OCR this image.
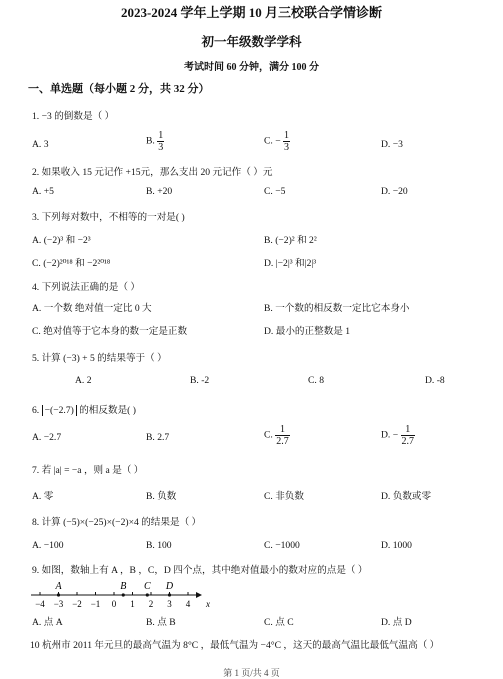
2023-2024 学年上学期 10 月三校联合学情诊断
初一年级数学学科
考试时间 60 分钟，满分 100 分
一、单选题（每小题 2 分，共 32 分）
1. −3 的倒数是（ ）
A. 3	B. $\frac{1}{3}$	C. − $\frac{1}{3}$	D. −3
2. 如果收入 15 元记作 +15元，那么支出 20 元记作（ ）元
A. +5	B. +20	C. −5	D. −20
3. 下列每对数中，不相等的一对是( )
A. (−2)³ 和 −2³	B. (−2)² 和 2²
C. (−2)²⁰¹⁸ 和 −2²⁰¹⁸	D. |−2|³ 和|2|³
4. 下列说法正确的是（ ）
A. 一个数 绝对值一定比 0 大	B. 一个数的相反数一定比它本身小
C. 绝对值等于它本身的数一定是正数	D. 最小的正整数是 1
5. 计算 (−3) + 5 的结果等于（ ）
A. 2	B. -2	C. 8	D. -8
6. −(−2.7) 的相反数是( )
A. −2.7	B. 2.7	C. $\frac{1}{2.7}$	D. − $\frac{1}{2.7}$
7. 若 |a| = −a ，则 a 是（ ）
A. 零	B. 负数	C. 非负数	D. 负数或零
8. 计算 (−5)×(−25)×(−2)×4 的结果是（ ）
A. −100	B. 100	C. −1000	D. 1000
9. 如图，数轴上有 A ，B ，C，D 四个点，其中绝对值最小的数对应的点是（ ）
−4 −3 −2 −1 0 1 2 3 4
A	B C D
x
A. 点 A	B. 点 B	C. 点 C	D. 点 D
10 杭州市 2011 年元旦的最高气温为 8°C ，最低气温为 −4°C ，这天的最高气温比最低气温高（ ）
第 1 页/共 4 页
